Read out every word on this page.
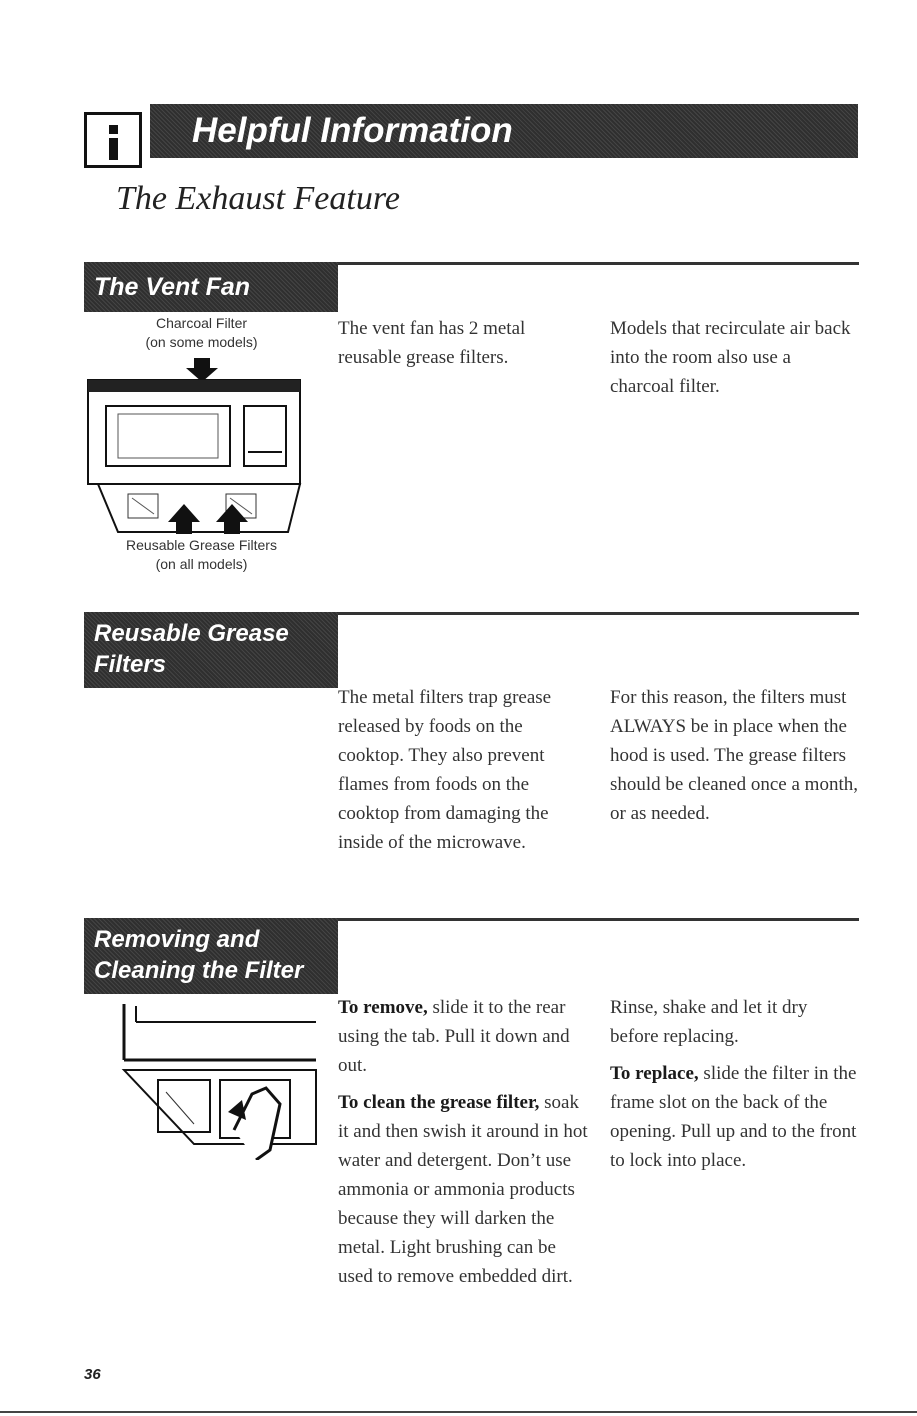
Helpful Information
The Exhaust Feature
The Vent Fan
Charcoal Filter
(on some models)
Reusable Grease Filters
(on all models)
The vent fan has 2 metal reusable grease filters.
Models that recirculate air back into the room also use a charcoal filter.
Reusable Grease
Filters
The metal filters trap grease released by foods on the cooktop. They also prevent flames from foods on the cooktop from damaging the inside of the microwave.
For this reason, the filters must ALWAYS be in place when the hood is used. The grease filters should be cleaned once a month, or as needed.
Removing and
Cleaning the Filter
To remove, slide it to the rear using the tab. Pull it down and out.
To clean the grease filter, soak it and then swish it around in hot water and detergent. Don’t use ammonia or ammonia products because they will darken the metal. Light brushing can be used to remove embedded dirt.
Rinse, shake and let it dry before replacing.
To replace, slide the filter in the frame slot on the back of the opening. Pull up and to the front to lock into place.
36
